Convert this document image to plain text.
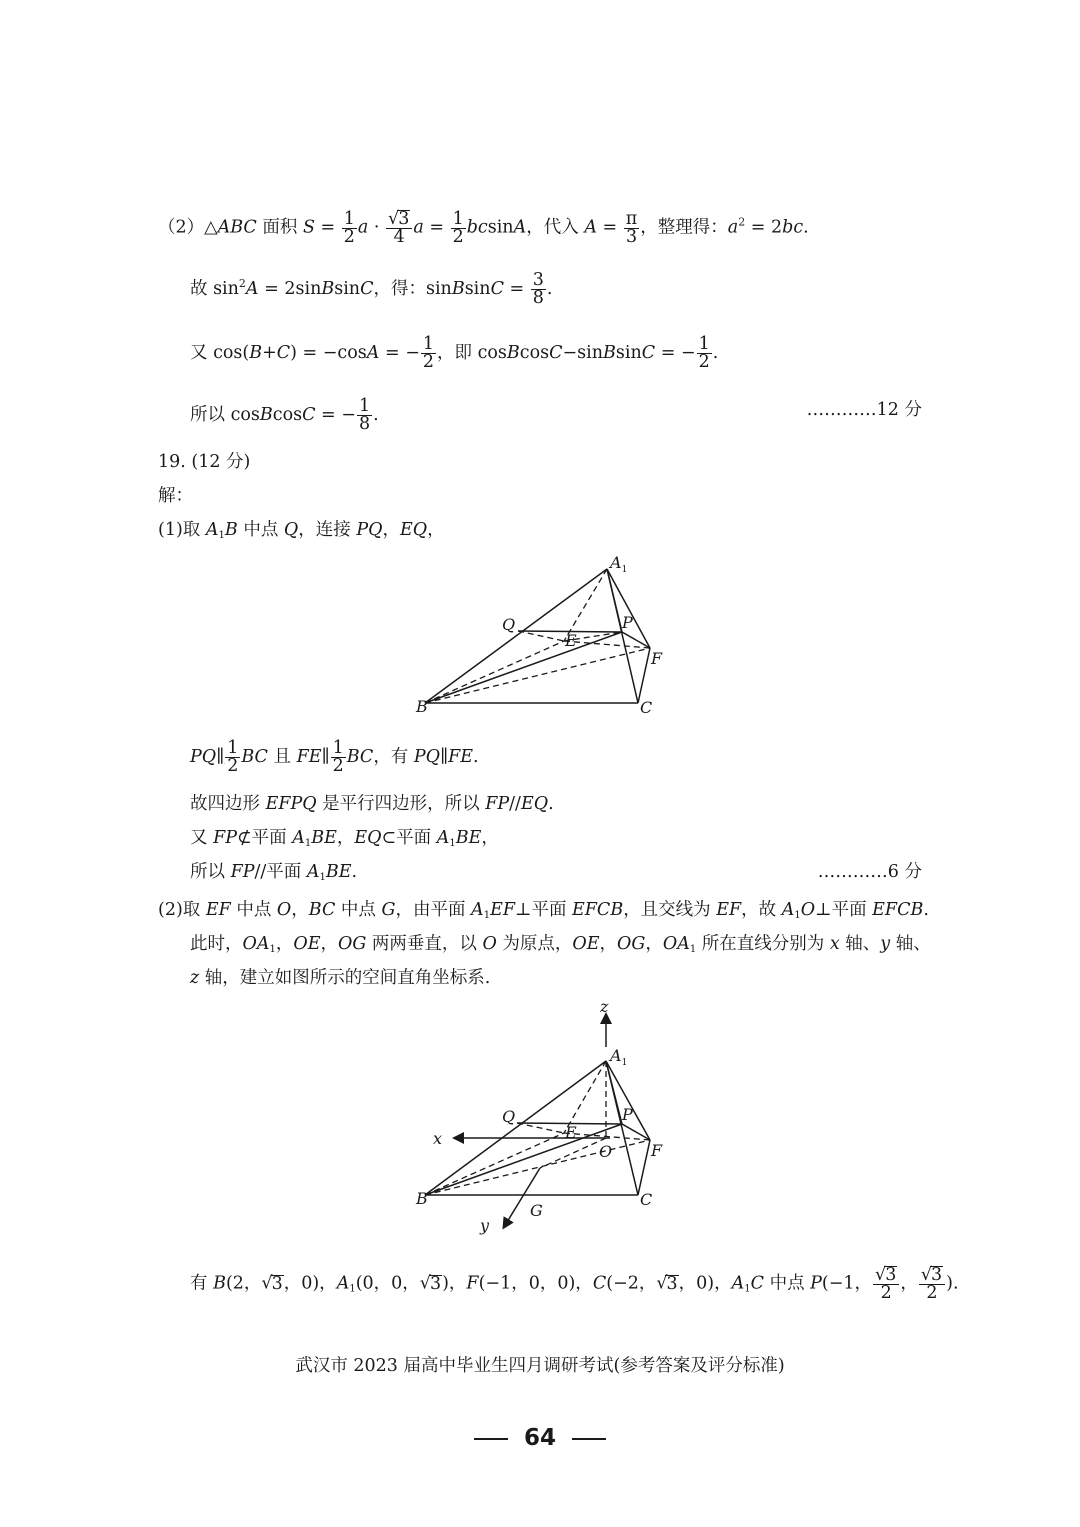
（2）△ABC 面积 $S = \frac{1}{2}$ $a \cdot \frac{√3}{4}$ $a = \frac{1}{2}$ bcsinA，代入 $A = \frac{\pi}{3}$ ，整理得：$a^2 = 2bc$.
故 $\sin^2A$ = 2sinBsinC，得：sinBsinC = $\frac{3}{8}$ .
又 cos(B+C) = −cosA = − $\frac{1}{2}$ ，即 cosBcosC−sinBsinC = − $\frac{1}{2}$ .
所以 cosBcosC = − $\frac{1}{8}$ .	…………12 分
19. (12 分)
解：
(1)取 $A_1B$ 中点 Q，连接 PQ，EQ，
$A_1$
Q	P
E
F
B	C
PQ∥ $\frac{1}{2}$ BC 且 FE∥ $\frac{1}{2}$ BC，有 PQ∥FE.
故四边形 EFPQ 是平行四边形，所以 FP//EQ.
又 FP⊄平面 $A_1BE$，EQ⊂平面 $A_1BE$，
所以 FP//平面 $A_1BE$.	…………6 分
(2)取 EF 中点 O，BC 中点 G，由平面 $A_1EF\perp$平面 EFCB，且交线为 EF，故 $A_1O\perp$平面 EFCB.
此时，$OA_1$，OE，OG 两两垂直，以 O 为原点，OE，OG，$OA_1$ 所在直线分别为 x 轴、y 轴、
z 轴，建立如图所示的空间直角坐标系.
z
x
y
$A_1$
Q	P
E
O F
B	C
G
有 B(2，√3，0)，$A_1(0$，0，√3)，F(−1，0，0)，C(−2，√3，0)，$A_1C$ 中点 P(−1， $\frac{√3}{2}$ ， $\frac{√3}{2}$ ).
武汉市 2023 届高中毕业生四月调研考试(参考答案及评分标准)
64
